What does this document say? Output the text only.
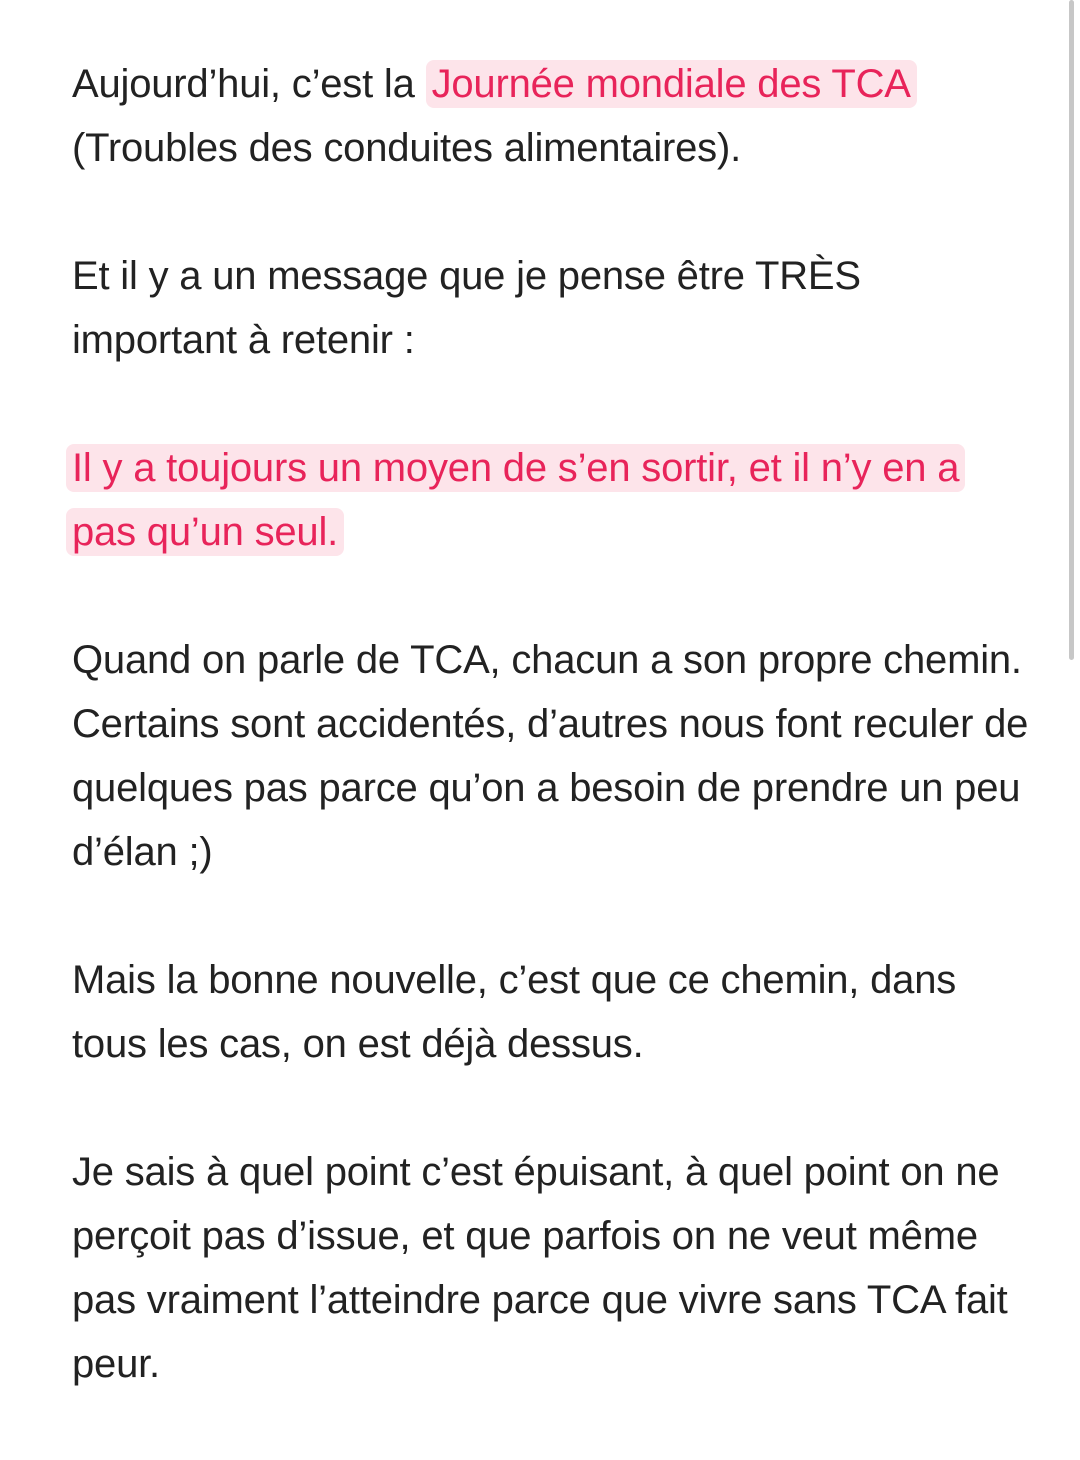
Aujourd’hui, c’est la Journée mondiale des TCA (Troubles des conduites alimentaires).

Et il y a un message que je pense être TRÈS important à retenir :

Il y a toujours un moyen de s’en sortir, et il n’y en a pas qu’un seul.

Quand on parle de TCA, chacun a son propre chemin. Certains sont accidentés, d’autres nous font reculer de quelques pas parce qu’on a besoin de prendre un peu d’élan ;)

Mais la bonne nouvelle, c’est que ce chemin, dans tous les cas, on est déjà dessus.

Je sais à quel point c’est épuisant, à quel point on ne perçoit pas d’issue, et que parfois on ne veut même pas vraiment l’atteindre parce que vivre sans TCA fait peur.
